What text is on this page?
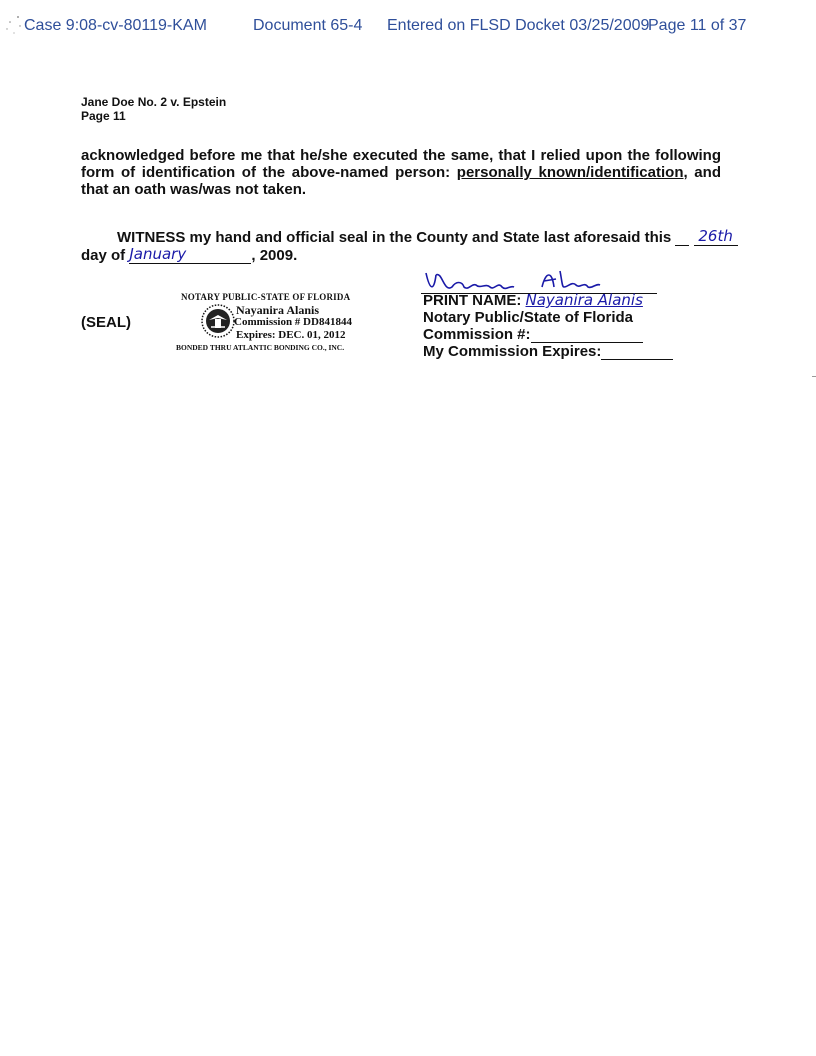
Case 9:08-cv-80119-KAM	Document 65-4 Entered on FLSD Docket 03/25/2009
Page 11 of 37
Jane Doe No. 2 v. Epstein
Page 11
acknowledged before me that he/she executed the same, that I relied upon the following form of identification of the above-named person: personally known/identification, and that an oath was/was not taken.
WITNESS my hand and official seal in the County and State last aforesaid this 26th
day of January	, 2009.
(SEAL)
NOTARY PUBLIC-STATE OF FLORIDA
Nayanira Alanis
Commission # DD841844
Expires: DEC. 01, 2012
BONDED THRU ATLANTIC BONDING CO., INC.
PRINT NAME: Nayanira Alanis
Notary Public/State of Florida
Commission #:
My Commission Expires:
